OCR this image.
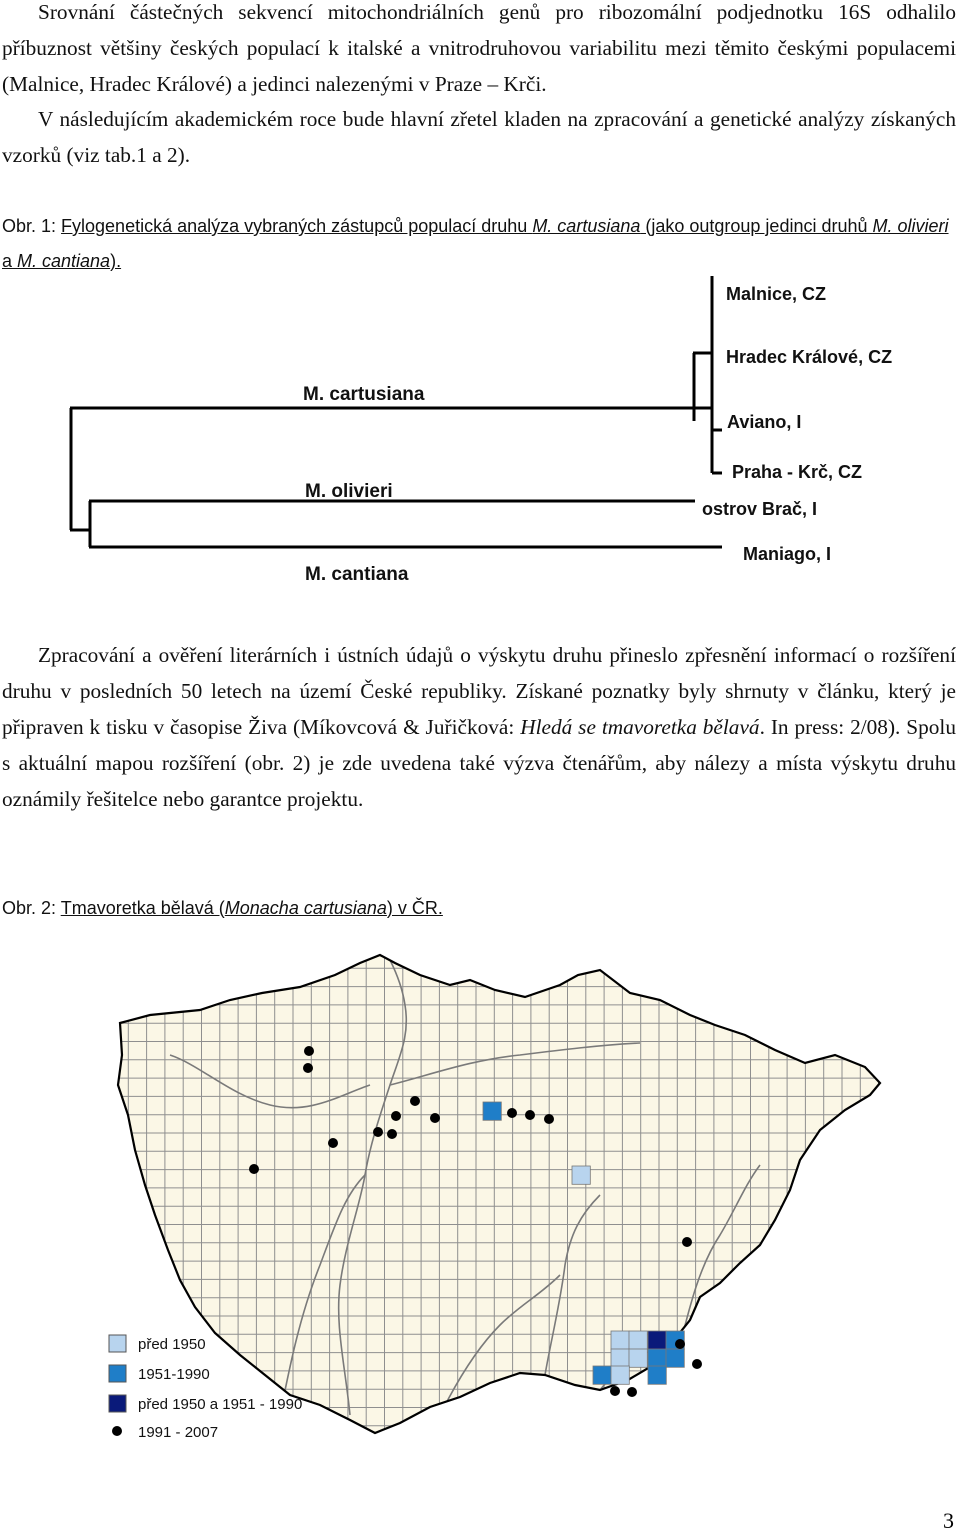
Srovnání částečných sekvencí mitochondriálních genů pro ribozomální podjednotku 16S odhalilo příbuznost většiny českých populací k italské a vnitrodruhovou variabilitu mezi těmito českými populacemi (Malnice, Hradec Králové) a jedinci nalezenými v Praze – Krči.

V následujícím akademickém roce bude hlavní zřetel kladen na zpracování a genetické analýzy získaných vzorků (viz tab.1 a 2).

Obr. 1: Fylogenetická analýza vybraných zástupců populací druhu M. cartusiana (jako outgroup jedinci druhů M. olivieri a M. cantiana).

M. cartusiana
M. olivieri
M. cantiana
Malnice, CZ
Hradec Králové, CZ
Aviano, I
Praha - Krč, CZ
ostrov Brač, I
Maniago, I

Zpracování a ověření literárních i ústních údajů o výskytu druhu přineslo zpřesnění informací o rozšíření druhu v posledních 50 letech na území České republiky. Získané poznatky byly shrnuty v článku, který je připraven k tisku v časopise Živa (Míkovcová & Juřičková: Hledá se tmavoretka bělavá. In press: 2/08). Spolu s aktuální mapou rozšíření (obr. 2) je zde uvedena také výzva čtenářům, aby nálezy a místa výskytu druhu oznámily řešitelce nebo garantce projektu.

Obr. 2: Tmavoretka bělavá (Monacha cartusiana) v ČR.

před 1950
1951-1990
před 1950 a 1951 - 1990
1991 - 2007
3
